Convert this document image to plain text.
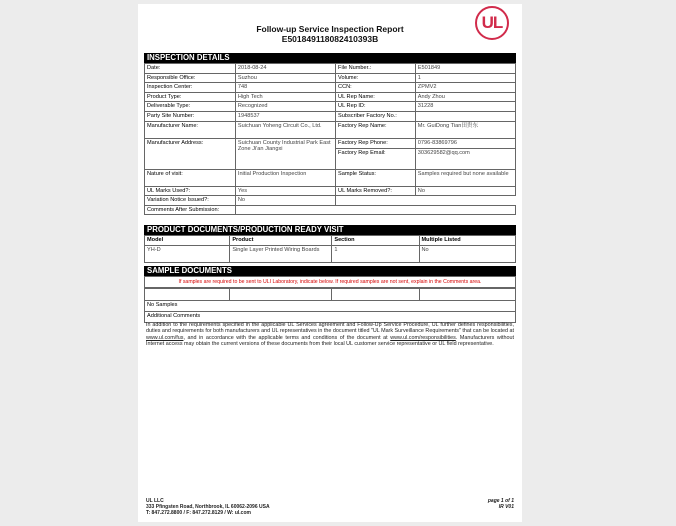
Follow-up Service Inspection Report
E501849118082410393B
UL
INSPECTION DETAILS
Date:	2018-08-24	File Number.:	E501849
Responsible Office:	Suzhou	Volume:	1
Inspection Center:	748	CCN:	ZPMV2
Product Type:	High Tech	UL Rep Name:	Andy Zhou
Deliverable Type:	Recognized	UL Rep ID:	31228
Party Site Number:	1948537	Subscriber Factory No.:	
Manufacturer Name:	Suichuan Yoheng Circuit Co., Ltd.	Factory Rep Name:	Mr. GuiDong Tian田贵东
Manufacturer Address:	Suichuan County Industrial Park East Zone Ji'an Jiangxi	Factory Rep Phone:	0796-83869796
		Factory Rep Email:	303629582@qq.com
Nature of visit:	Initial Production Inspection	Sample Status:	Samples required but none available
UL Marks Used?:	Yes	UL Marks Removed?:	No
Variation Notice Issued?:	No		
Comments After Submission:			
PRODUCT DOCUMENTS/PRODUCTION READY VISIT
Model	Product	Section	Multiple Listed
YH-D	Single Layer Printed Wiring Boards	1	No
SAMPLE DOCUMENTS
If samples are required to be sent to ULI Laboratory, indicate below. If required samples are not sent, explain in the Comments area.

No Samples
Additional Comments
In addition to the requirements specified in the applicable UL Services agreement and Follow-Up Service Procedure, UL further defines responsibilities, duties and requirements for both manufacturers and UL representatives in the document titled "UL Mark Surveillance Requirements" that can be located at www.ul.com/fus, and in accordance with the applicable terms and conditions of the document at www.ul.com/responsibilities. Manufacturers without Internet access may obtain the current versions of these documents from their local UL customer service representative or UL field representative.
UL LLC
333 Pfingsten Road, Northbrook, IL 60062-2096 USA
T: 847.272.8800 / F: 847.272.8129 / W: ul.com
page 1 of 1
IR V01
